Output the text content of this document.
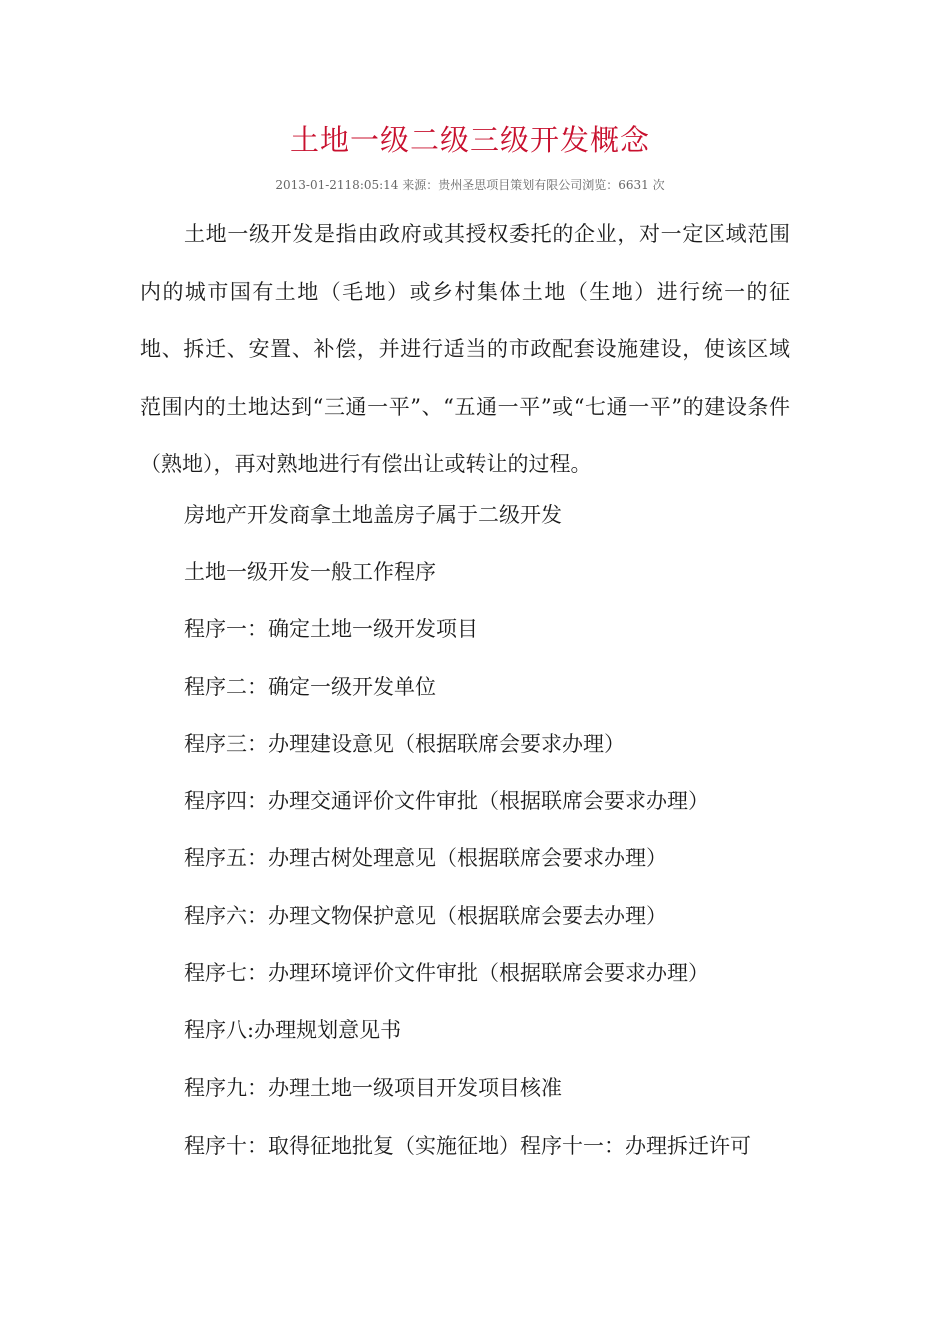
土地一级二级三级开发概念
2013-01-2118:05:14 来源：贵州圣思项目策划有限公司浏览：6631 次

土地一级开发是指由政府或其授权委托的企业，对一定区域范围内的城市国有土地（毛地）或乡村集体土地（生地）进行统一的征地、拆迁、安置、补偿，并进行适当的市政配套设施建设，使该区域范围内的土地达到“三通一平”、“五通一平”或“七通一平”的建设条件（熟地），再对熟地进行有偿出让或转让的过程。

房地产开发商拿土地盖房子属于二级开发
土地一级开发一般工作程序
程序一：确定土地一级开发项目
程序二：确定一级开发单位
程序三：办理建设意见（根据联席会要求办理）
程序四：办理交通评价文件审批（根据联席会要求办理）
程序五：办理古树处理意见（根据联席会要求办理）
程序六：办理文物保护意见（根据联席会要去办理）
程序七：办理环境评价文件审批（根据联席会要求办理）
程序八:办理规划意见书
程序九：办理土地一级项目开发项目核准
程序十：取得征地批复（实施征地）程序十一：办理拆迁许可
